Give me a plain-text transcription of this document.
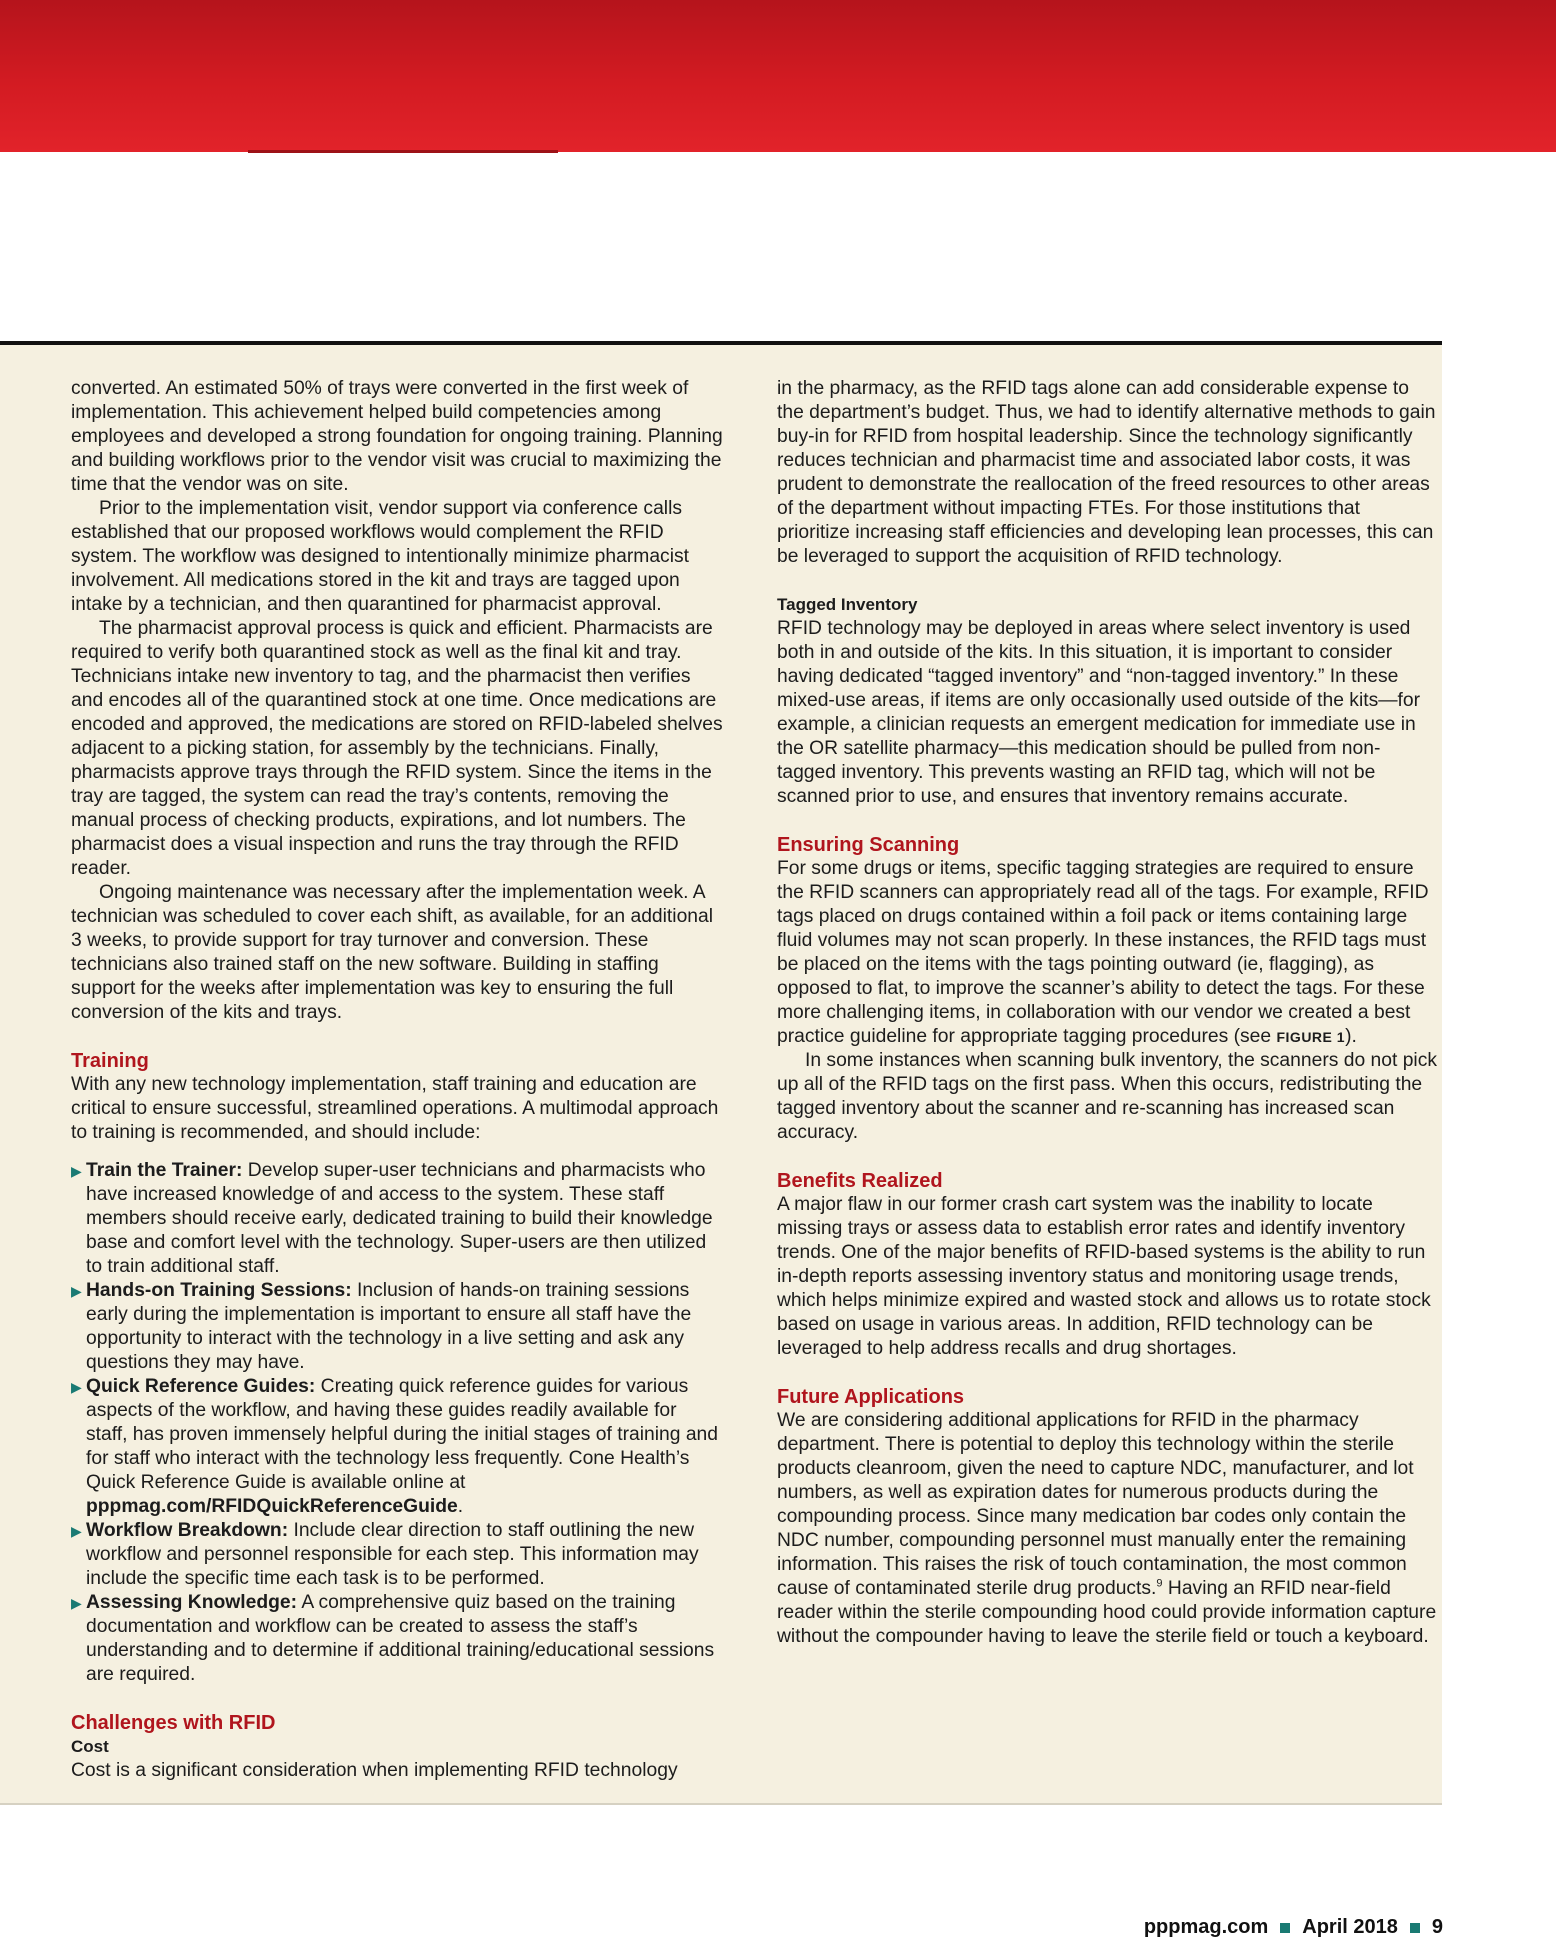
converted. An estimated 50% of trays were converted in the first week of implementation. This achievement helped build competencies among employees and developed a strong foundation for ongoing training. Planning and building workflows prior to the vendor visit was crucial to maximizing the time that the vendor was on site.

Prior to the implementation visit, vendor support via conference calls established that our proposed workflows would complement the RFID system. The workflow was designed to intentionally minimize pharmacist involvement. All medications stored in the kit and trays are tagged upon intake by a technician, and then quarantined for pharmacist approval.

The pharmacist approval process is quick and efficient. Pharmacists are required to verify both quarantined stock as well as the final kit and tray. Technicians intake new inventory to tag, and the pharmacist then verifies and encodes all of the quarantined stock at one time. Once medications are encoded and approved, the medications are stored on RFID-labeled shelves adjacent to a picking station, for assembly by the technicians. Finally, pharmacists approve trays through the RFID system. Since the items in the tray are tagged, the system can read the tray’s contents, removing the manual process of checking products, expirations, and lot numbers. The pharmacist does a visual inspection and runs the tray through the RFID reader.

Ongoing maintenance was necessary after the implementation week. A technician was scheduled to cover each shift, as available, for an additional 3 weeks, to provide support for tray turnover and conversion. These technicians also trained staff on the new software. Building in staffing support for the weeks after implementation was key to ensuring the full conversion of the kits and trays.

Training

With any new technology implementation, staff training and education are critical to ensure successful, streamlined operations. A multimodal approach to training is recommended, and should include:

▶ Train the Trainer: Develop super-user technicians and pharmacists who have increased knowledge of and access to the system. These staff members should receive early, dedicated training to build their knowledge base and comfort level with the technology. Super-users are then utilized to train additional staff.
▶ Hands-on Training Sessions: Inclusion of hands-on training sessions early during the implementation is important to ensure all staff have the opportunity to interact with the technology in a live setting and ask any questions they may have.
▶ Quick Reference Guides: Creating quick reference guides for various aspects of the workflow, and having these guides readily available for staff, has proven immensely helpful during the initial stages of training and for staff who interact with the technology less frequently. Cone Health’s Quick Reference Guide is available online at pppmag.com/RFIDQuickReferenceGuide.
▶ Workflow Breakdown: Include clear direction to staff outlining the new workflow and personnel responsible for each step. This information may include the specific time each task is to be performed.
▶ Assessing Knowledge: A comprehensive quiz based on the training documentation and workflow can be created to assess the staff’s understanding and to determine if additional training/educational sessions are required.
Challenges with RFID
Cost

Cost is a significant consideration when implementing RFID technology

in the pharmacy, as the RFID tags alone can add considerable expense to the department’s budget. Thus, we had to identify alternative methods to gain buy-in for RFID from hospital leadership. Since the technology significantly reduces technician and pharmacist time and associated labor costs, it was prudent to demonstrate the reallocation of the freed resources to other areas of the department without impacting FTEs. For those institutions that prioritize increasing staff efficiencies and developing lean processes, this can be leveraged to support the acquisition of RFID technology.

Tagged Inventory

RFID technology may be deployed in areas where select inventory is used both in and outside of the kits. In this situation, it is important to consider having dedicated “tagged inventory” and “non-tagged inventory.” In these mixed-use areas, if items are only occasionally used outside of the kits—for example, a clinician requests an emergent medication for immediate use in the OR satellite pharmacy—this medication should be pulled from non-tagged inventory. This prevents wasting an RFID tag, which will not be scanned prior to use, and ensures that inventory remains accurate.

Ensuring Scanning

For some drugs or items, specific tagging strategies are required to ensure the RFID scanners can appropriately read all of the tags. For example, RFID tags placed on drugs contained within a foil pack or items containing large fluid volumes may not scan properly. In these instances, the RFID tags must be placed on the items with the tags pointing outward (ie, flagging), as opposed to flat, to improve the scanner’s ability to detect the tags. For these more challenging items, in collaboration with our vendor we created a best practice guideline for appropriate tagging procedures (see FIGURE 1).

In some instances when scanning bulk inventory, the scanners do not pick up all of the RFID tags on the first pass. When this occurs, redistributing the tagged inventory about the scanner and re-scanning has increased scan accuracy.

Benefits Realized

A major flaw in our former crash cart system was the inability to locate missing trays or assess data to establish error rates and identify inventory trends. One of the major benefits of RFID-based systems is the ability to run in-depth reports assessing inventory status and monitoring usage trends, which helps minimize expired and wasted stock and allows us to rotate stock based on usage in various areas. In addition, RFID technology can be leveraged to help address recalls and drug shortages.

Future Applications

We are considering additional applications for RFID in the pharmacy department. There is potential to deploy this technology within the sterile products cleanroom, given the need to capture NDC, manufacturer, and lot numbers, as well as expiration dates for numerous products during the compounding process. Since many medication bar codes only contain the NDC number, compounding personnel must manually enter the remaining information. This raises the risk of touch contamination, the most common cause of contaminated sterile drug products.$^9$ Having an RFID near-field reader within the sterile compounding hood could provide information capture without the compounder having to leave the sterile field or touch a keyboard.

pppmag.com April 2018 9
